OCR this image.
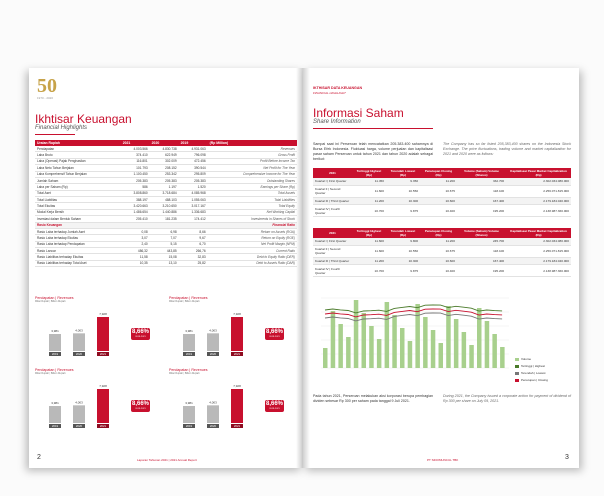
50
1970 - 2020
Ikhtisar Keuangan
Financial Highlights
Uraian Rupiah	2021	2020	2019	(Rp Million)
Pendapatan	4.003.566	4.830.738	4.931.063	Revenues
Laba Bruto	374.410	622.949	796.098	Gross Profit
Laba (Operasi) Pajak Penghasilan	116.801	302.009	472.456	Profit Before Income Tax
Laba Neto Tahun Berjalan	101.793	208.152	390.544	Net Profit for The Year
Laba Komprehensif Tahun Berjalan	1.100.450	253.342	295.809	Comprehensive Income for The Year
Jumlah Saham	205.383	205.383	205.383	Outstanding Shares
Laba per Saham (Rp)	586	1.197	1.520	Earnings per Share (Rp)
Total Aset	3.808.860	3.718.684	4.085.968	Total Assets
Total Liabilitas	388.197	488.103	1.055.063	Total Liabilities
Total Ekuitas	3.420.663	3.210.650	3.017.167	Total Equity
Modal Kerja Bersih	1.486.654	1.440.886	1.336.683	Net Working Capital
Investasi dalam Bentuk Saham	205.410	181.235	174.412	Investments in Shares of Stock
Rasio Keuangan				Financial Ratio
Rasio Laba terhadap Jumlah Aset	0,08	6,98	8,66	Return on Assets (ROA)
Rasio Laba terhadap Ekuitas	3,07	7,07	9,67	Return on Equity (ROE)
Rasio Laba terhadap Pendapatan	2,40	5,15	6,70	Net Profit Margin (NPM)
Rasio Lancar	486,32	443,85	266,76	Current Ratio
Rasio Liabilitas terhadap Ekuitas	11,58	15,08	32,83	Debt to Equity Ratio (DER)
Rasio Liabilitas terhadap Total Aset	10,35	13,10	25,82	Debt to Assets Ratio (DAR)
Pendapatan | Revenues
Miliar Rupiah | Billion Rupiah
3,981
2019
4,003
2020
7,928
2021
8,66%
2019-2021
Pendapatan | Revenues
Miliar Rupiah | Billion Rupiah
3,981
2019
4,003
2020
7,928
2021
8,66%
2019-2021
Pendapatan | Revenues
Miliar Rupiah | Billion Rupiah
3,981
2019
4,003
2020
7,928
2021
8,66%
2019-2021
Pendapatan | Revenues
Miliar Rupiah | Billion Rupiah
3,981
2019
4,003
2020
7,928
2021
8,66%
2019-2021
Laporan Tahunan 2021 | 2021 Annual Report
2
IKTHISAR DATA KEUANGAN
FINANCIAL HIGHLIGHT
Informasi Saham
Share Information
Sampai saat ini Perseroan telah mencatatkan 205.383.400 sahamnya di Bursa Efek Indonesia. Fluktuasi harga, volume perjualan dan kapitalisasi pasar saham Perseroan untuk tahun 2021 dan tahun 2020 adalah sebagai berikut:
The Company has so far listed 205,383,400 shares on the Indonesia Stock Exchange. The price fluctuations, trading volume and market capitalization for 2021 and 2020 were as follows:
2021	Tertinggi Highest (Rp)	Terendah Lowest (Rp)	Penutupan Closing (Rp)	Volume (Saham) Volume (Shares)	Kapitalisasi Pasar Market Capitalization (Rp)
Kuartal I | First Quarter	11.450	9.350	11.200	332.700	2.302.034.080.000
Kuartal II | Second Quarter	11.600	10.550	10.675	118.100	2.256.071.815.000
Kuartal III | Third Quarter	11.200	10.300	10.600	167.400	2.179.184.040.000
Kuartal IV | Fourth Quarter	10.700	9.875	10.400	195.200	2.138.987.360.000
2021	Tertinggi Highest (Rp)	Terendah Lowest (Rp)	Penutupan Closing (Rp)	Volume (Saham) Volume (Shares)	Kapitalisasi Pasar Market Capitalization (Rp)
Kuartal I | First Quarter	11.600	9.800	11.200	245.700	2.302.034.080.000
Kuartal II | Second Quarter	11.600	10.550	10.675	118.100	2.256.071.815.000
Kuartal III | Third Quarter	11.200	10.300	10.600	167.400	2.179.184.040.000
Kuartal IV | Fourth Quarter	10.700	9.875	10.400	195.200	2.138.987.360.000
Volume
Tertinggi | Highest
Terendah | Lowest
Penutupan | Closing
Pada tahun 2021, Perseroan melakukan aksi korporasi berupa pembagian dividen sebesar Rp 300 per saham pada tanggal 9 Juli 2021.
During 2021, the Company issued a corporate action for payment of dividend of Rp 300 per share on July 09, 2021.
PT SIDOMUNCUL TBK	3
